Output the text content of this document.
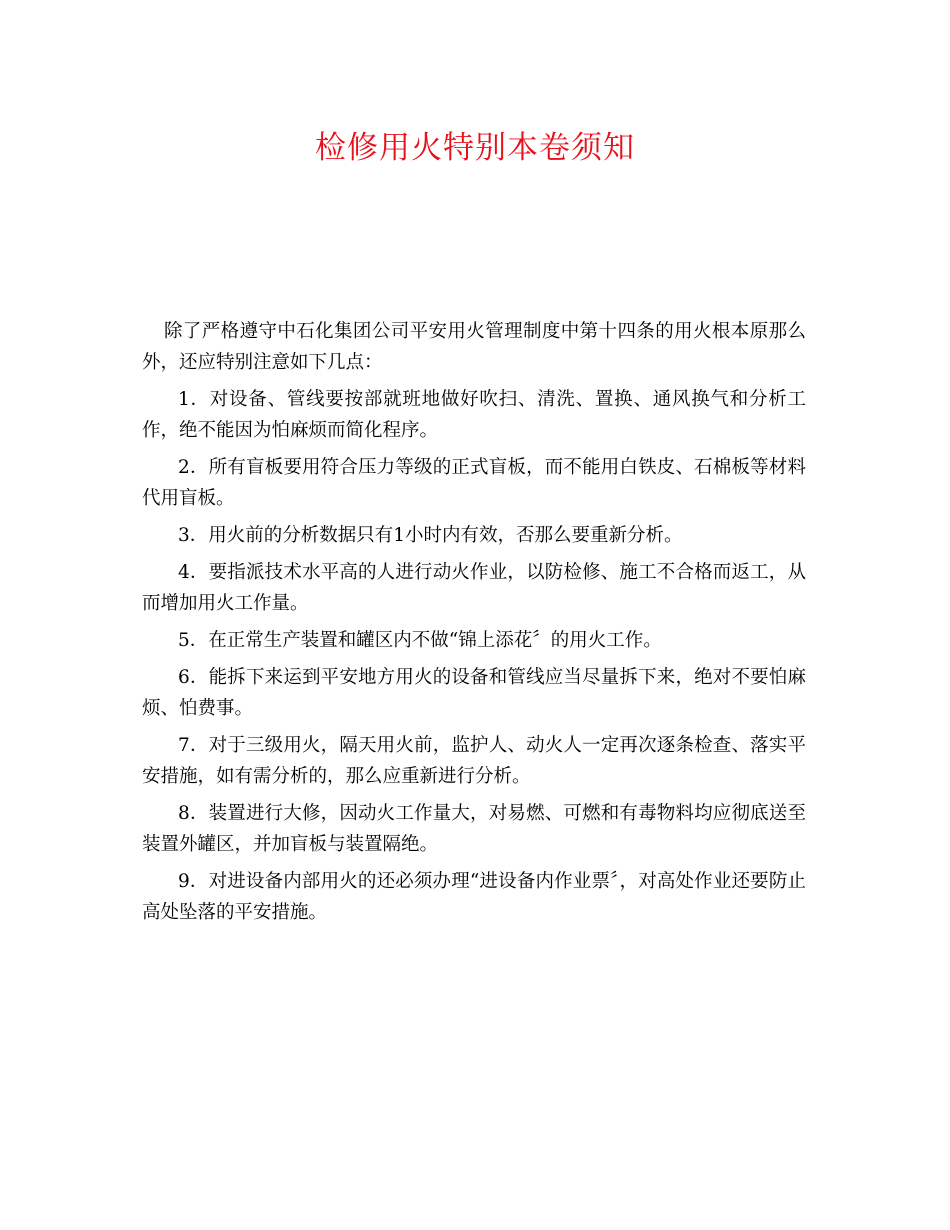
检修用火特别本卷须知

除了严格遵守中石化集团公司平安用火管理制度中第十四条的用火根本原那么外，还应特别注意如下几点：

1．对设备、管线要按部就班地做好吹扫、清洗、置换、通风换气和分析工作，绝不能因为怕麻烦而简化程序。

2．所有盲板要用符合压力等级的正式盲板，而不能用白铁皮、石棉板等材料代用盲板。

3．用火前的分析数据只有1小时内有效，否那么要重新分析。

4．要指派技术水平高的人进行动火作业，以防检修、施工不合格而返工，从而增加用火工作量。

5．在正常生产装置和罐区内不做“锦上添花〞的用火工作。

6．能拆下来运到平安地方用火的设备和管线应当尽量拆下来，绝对不要怕麻烦、怕费事。

7．对于三级用火，隔天用火前，监护人、动火人一定再次逐条检查、落实平安措施，如有需分析的，那么应重新进行分析。

8．装置进行大修，因动火工作量大，对易燃、可燃和有毒物料均应彻底送至装置外罐区，并加盲板与装置隔绝。

9．对进设备内部用火的还必须办理“进设备内作业票〞，对高处作业还要防止高处坠落的平安措施。
